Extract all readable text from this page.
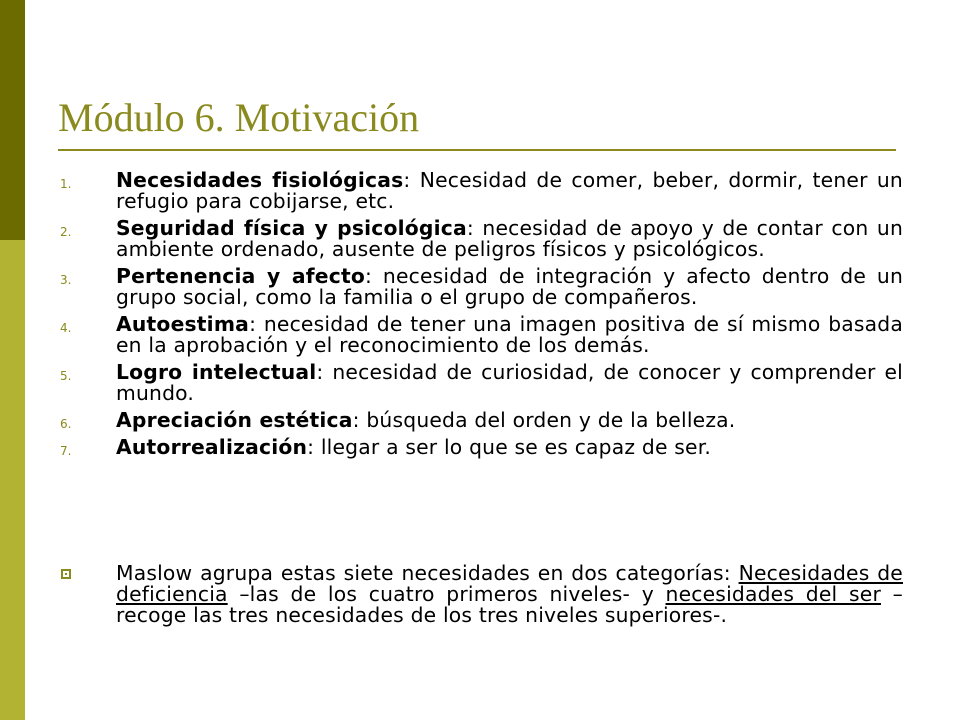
Módulo 6. Motivación
1. Necesidades fisiológicas: Necesidad de comer, beber, dormir, tener un refugio para cobijarse, etc.
2. Seguridad física y psicológica: necesidad de apoyo y de contar con un ambiente ordenado, ausente de peligros físicos y psicológicos.
3. Pertenencia y afecto: necesidad de integración y afecto dentro de un grupo social, como la familia o el grupo de compañeros.
4. Autoestima: necesidad de tener una imagen positiva de sí mismo basada en la aprobación y el reconocimiento de los demás.
5. Logro intelectual: necesidad de curiosidad, de conocer y comprender el mundo.
6. Apreciación estética: búsqueda del orden y de la belleza.
7. Autorrealización: llegar a ser lo que se es capaz de ser.
Maslow agrupa estas siete necesidades en dos categorías: Necesidades de deficiencia –las de los cuatro primeros niveles- y necesidades del ser –recoge las tres necesidades de los tres niveles superiores-.
